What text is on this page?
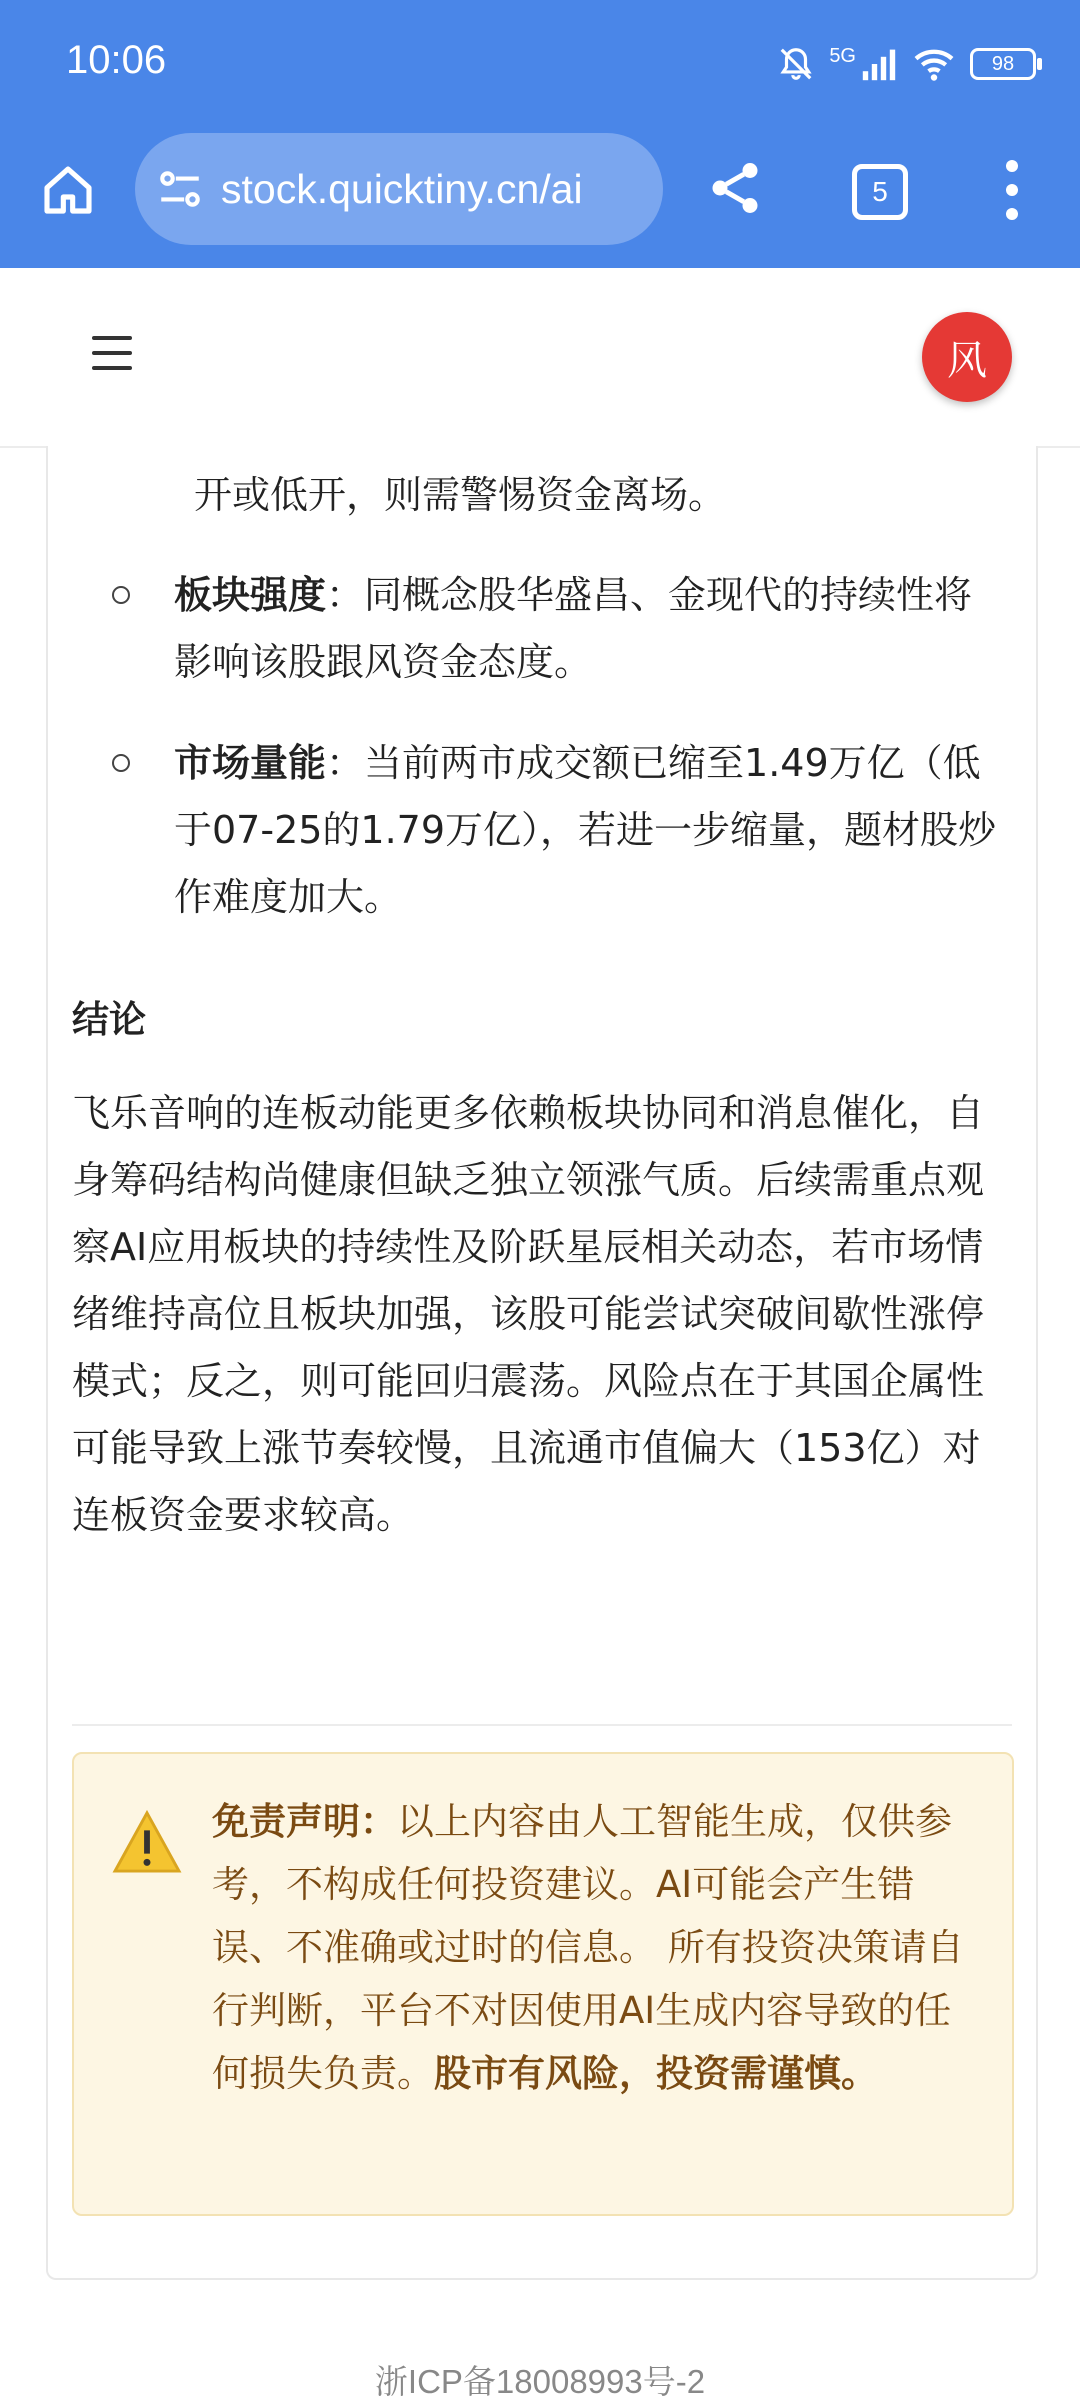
10:06	5G	98
stock.quicktiny.cn/ai	5
风
开或低开，则需警惕资金离场。
板块强度：同概念股华盛昌、金现代的持续性将影响该股跟风资金态度。
市场量能：当前两市成交额已缩至1.49万亿（低于07-25的1.79万亿），若进一步缩量，题材股炒作难度加大。
结论
飞乐音响的连板动能更多依赖板块协同和消息催化，自身筹码结构尚健康但缺乏独立领涨气质。后续需重点观察AI应用板块的持续性及阶跃星辰相关动态，若市场情绪维持高位且板块加强，该股可能尝试突破间歇性涨停模式；反之，则可能回归震荡。风险点在于其国企属性可能导致上涨节奏较慢，且流通市值偏大（153亿）对连板资金要求较高。
免责声明：以上内容由人工智能生成，仅供参考，不构成任何投资建议。AI可能会产生错误、不准确或过时的信息。 所有投资决策请自行判断，平台不对因使用AI生成内容导致的任何损失负责。股市有风险，投资需谨慎。
浙ICP备18008993号-2
